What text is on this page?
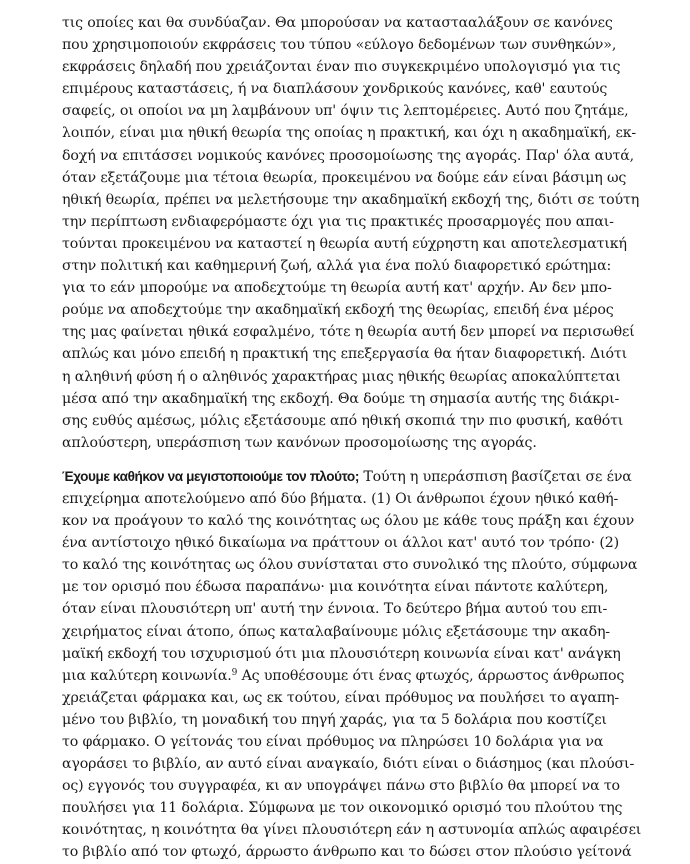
τις οποίες και θα συνδύαζαν. Θα μπορούσαν να καταστααλάξουν σε κανόνες
που χρησιμοποιούν εκφράσεις του τύπου «εύλογο δεδομένων των συνθηκών»,
εκφράσεις δηλαδή που χρειάζονται έναν πιο συγκεκριμένο υπολογισμό για τις
επιμέρους καταστάσεις, ή να διαπλάσουν χονδρικούς κανόνες, καθ' εαυτούς
σαφείς, οι οποίοι να μη λαμβάνουν υπ' όψιν τις λεπτομέρειες. Αυτό που ζητάμε,
λοιπόν, είναι μια ηθική θεωρία της οποίας η πρακτική, και όχι η ακαδημαϊκή, εκ-
δοχή να επιτάσσει νομικούς κανόνες προσομοίωσης της αγοράς. Παρ' όλα αυτά,
όταν εξετάζουμε μια τέτοια θεωρία, προκειμένου να δούμε εάν είναι βάσιμη ως
ηθική θεωρία, πρέπει να μελετήσουμε την ακαδημαϊκή εκδοχή της, διότι σε τούτη
την περίπτωση ενδιαφερόμαστε όχι για τις πρακτικές προσαρμογές που απαι-
τούνται προκειμένου να καταστεί η θεωρία αυτή εύχρηστη και αποτελεσματική
στην πολιτική και καθημερινή ζωή, αλλά για ένα πολύ διαφορετικό ερώτημα:
για το εάν μπορούμε να αποδεχτούμε τη θεωρία αυτή κατ' αρχήν. Αν δεν μπο-
ρούμε να αποδεχτούμε την ακαδημαϊκή εκδοχή της θεωρίας, επειδή ένα μέρος
της μας φαίνεται ηθικά εσφαλμένο, τότε η θεωρία αυτή δεν μπορεί να περισωθεί
απλώς και μόνο επειδή η πρακτική της επεξεργασία θα ήταν διαφορετική. Διότι
η αληθινή φύση ή ο αληθινός χαρακτήρας μιας ηθικής θεωρίας αποκαλύπτεται
μέσα από την ακαδημαϊκή της εκδοχή. Θα δούμε τη σημασία αυτής της διάκρι-
σης ευθύς αμέσως, μόλις εξετάσουμε από ηθική σκοπιά την πιο φυσική, καθότι
απλούστερη, υπεράσπιση των κανόνων προσομοίωσης της αγοράς.
Έχουμε καθήκον να μεγιστοποιούμε τον πλούτο; Τούτη η υπεράσπιση βασίζεται σε ένα
επιχείρημα αποτελούμενο από δύο βήματα. (1) Οι άνθρωποι έχουν ηθικό καθή-
κον να προάγουν το καλό της κοινότητας ως όλου με κάθε τους πράξη και έχουν
ένα αντίστοιχο ηθικό δικαίωμα να πράττουν οι άλλοι κατ' αυτό τον τρόπο· (2)
το καλό της κοινότητας ως όλου συνίσταται στο συνολικό της πλούτο, σύμφωνα
με τον ορισμό που έδωσα παραπάνω· μια κοινότητα είναι πάντοτε καλύτερη,
όταν είναι πλουσιότερη υπ' αυτή την έννοια. Το δεύτερο βήμα αυτού του επι-
χειρήματος είναι άτοπο, όπως καταλαβαίνουμε μόλις εξετάσουμε την ακαδη-
μαϊκή εκδοχή του ισχυρισμού ότι μια πλουσιότερη κοινωνία είναι κατ' ανάγκη
μια καλύτερη κοινωνία.$^9$ Ας υποθέσουμε ότι ένας φτωχός, άρρωστος άνθρωπος
χρειάζεται φάρμακα και, ως εκ τούτου, είναι πρόθυμος να πουλήσει το αγαπη-
μένο του βιβλίο, τη μοναδική του πηγή χαράς, για τα 5 δολάρια που κοστίζει
το φάρμακο. Ο γείτονάς του είναι πρόθυμος να πληρώσει 10 δολάρια για να
αγοράσει το βιβλίο, αν αυτό είναι αναγκαίο, διότι είναι ο διάσημος (και πλούσι-
ος) εγγονός του συγγραφέα, κι αν υπογράψει πάνω στο βιβλίο θα μπορεί να το
πουλήσει για 11 δολάρια. Σύμφωνα με τον οικονομικό ορισμό του πλούτου της
κοινότητας, η κοινότητα θα γίνει πλουσιότερη εάν η αστυνομία απλώς αφαιρέσει
το βιβλίο από τον φτωχό, άρρωστο άνθρωπο και το δώσει στον πλούσιο γείτονά
